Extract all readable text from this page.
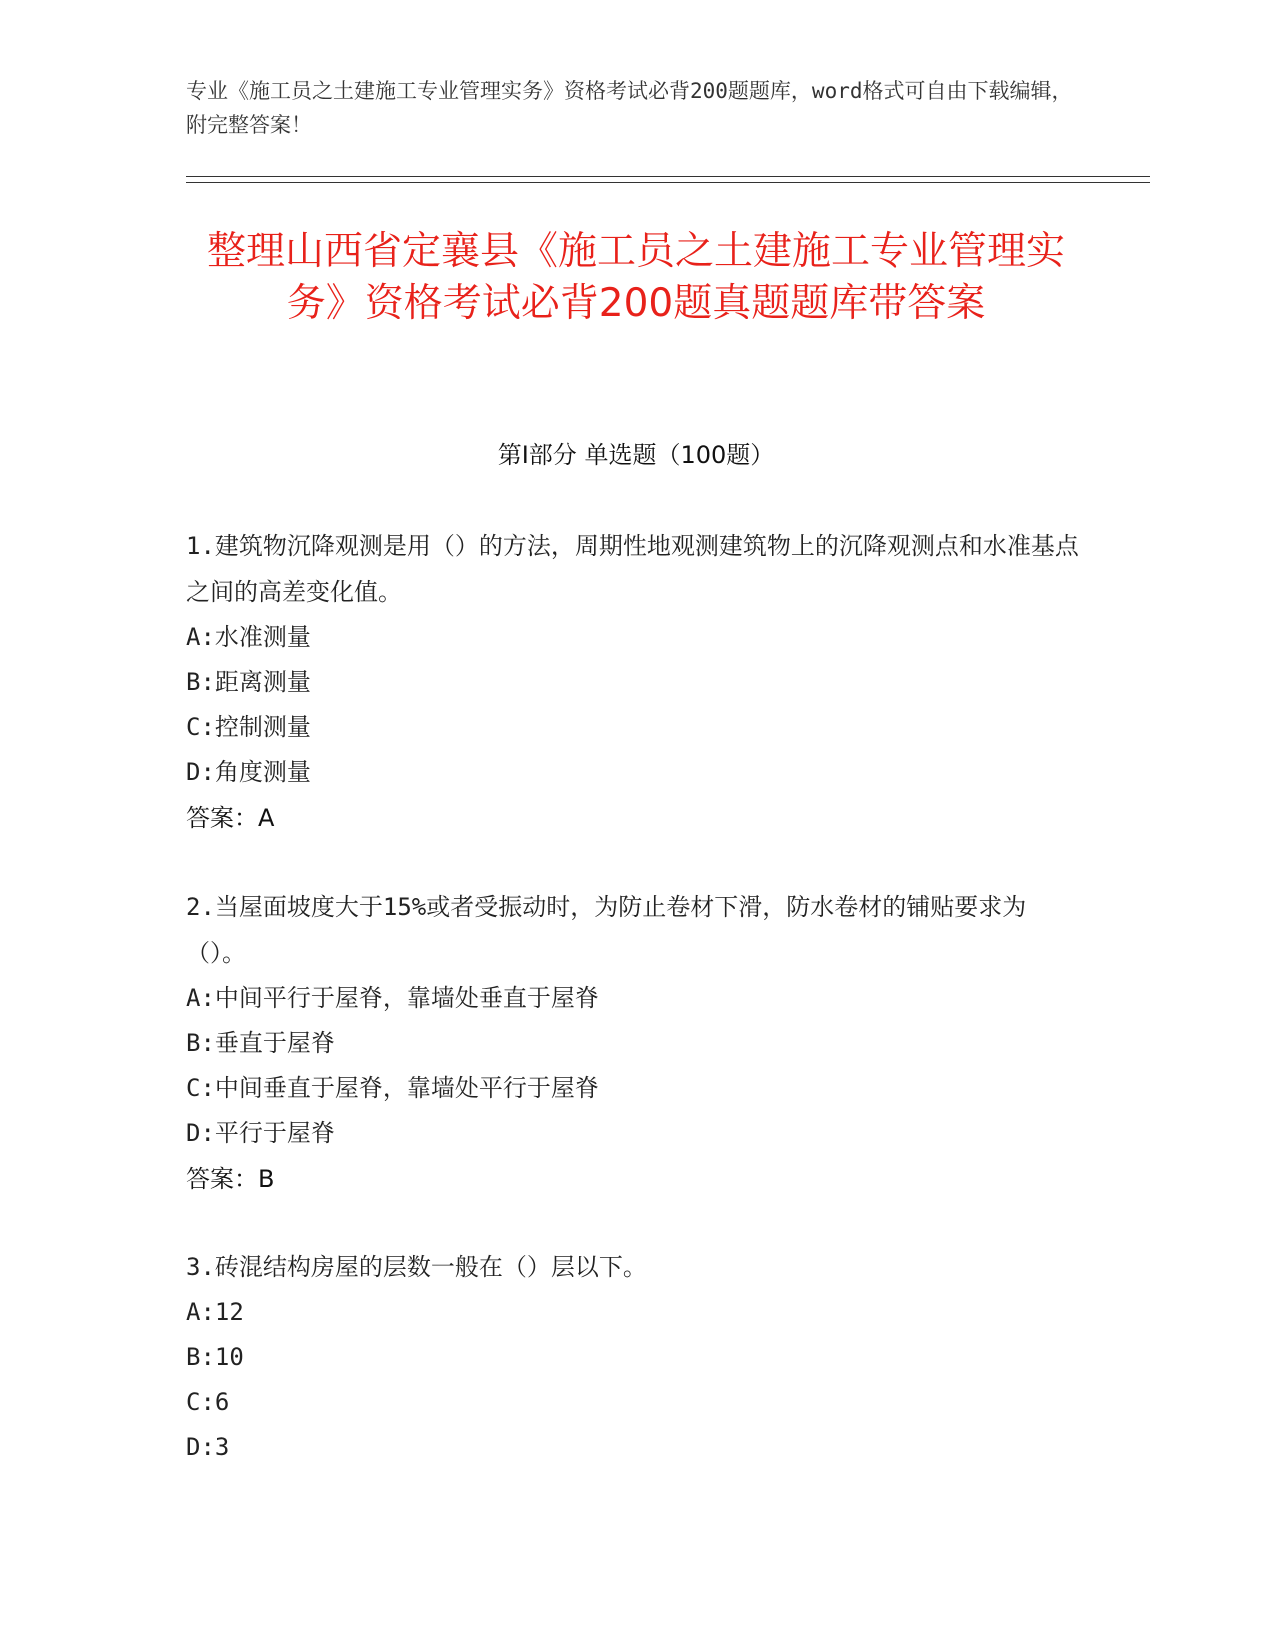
专业《施工员之土建施工专业管理实务》资格考试必背200题题库，word格式可自由下载编辑，附完整答案！
整理山西省定襄县《施工员之土建施工专业管理实务》资格考试必背200题真题题库带答案
第I部分 单选题（100题）

1.建筑物沉降观测是用（）的方法，周期性地观测建筑物上的沉降观测点和水准基点之间的高差变化值。

A:水准测量

B:距离测量

C:控制测量

D:角度测量

答案：A

2.当屋面坡度大于15%或者受振动时，为防止卷材下滑，防水卷材的铺贴要求为（）。

A:中间平行于屋脊，靠墙处垂直于屋脊

B:垂直于屋脊

C:中间垂直于屋脊，靠墙处平行于屋脊

D:平行于屋脊

答案：B

3.砖混结构房屋的层数一般在（）层以下。

A:12

B:10

C:6

D:3
